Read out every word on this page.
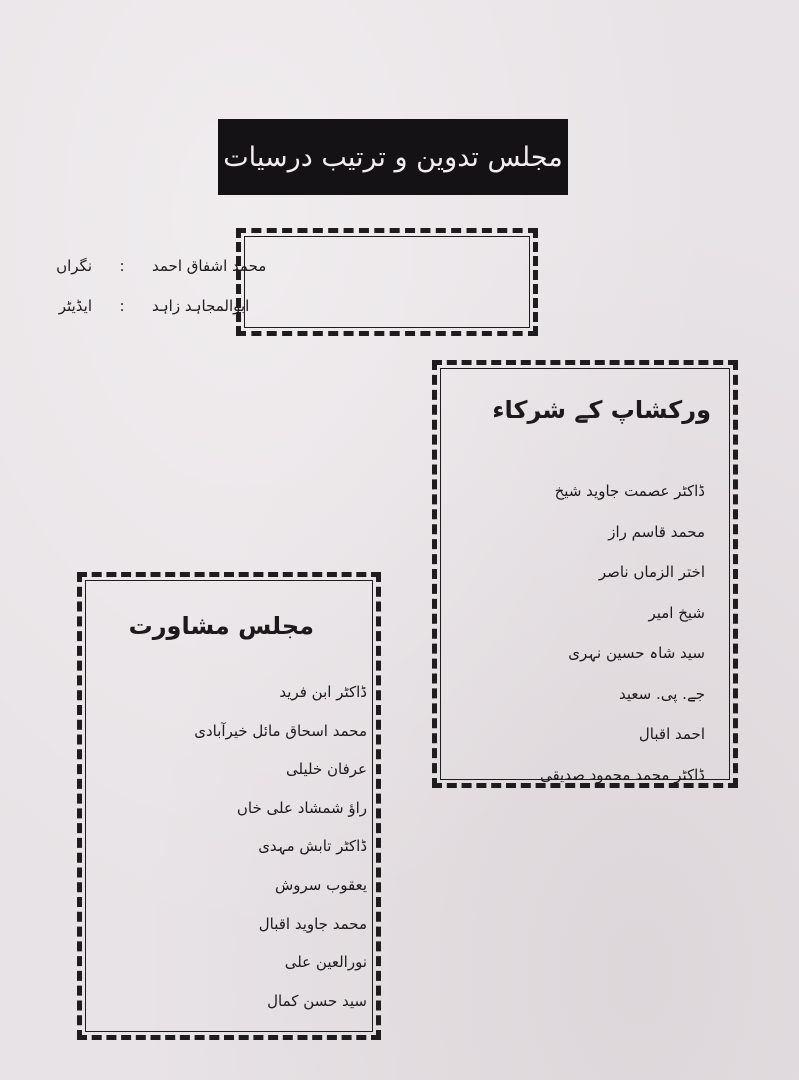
مجلس تدوین و ترتیب درسیات
نگراں	:	محمد اشفاق احمد
ایڈیٹر	:	ابوالمجاہد زاہد
ورکشاپ کے شرکاء
ڈاکٹر عصمت جاوید شیخ
محمد قاسم راز
اختر الزماں ناصر
شیخ امیر
سید شاہ حسین نہری
جے. پی. سعید
احمد اقبال
ڈاکٹر محمد محمود صدیقی
مجلس مشاورت
ڈاکٹر ابن فرید
محمد اسحاق مائل خیرآبادی
عرفان خلیلی
راؤ شمشاد علی خاں
ڈاکٹر تابش مہدی
یعقوب سروش
محمد جاوید اقبال
نورالعین علی
سید حسن کمال
